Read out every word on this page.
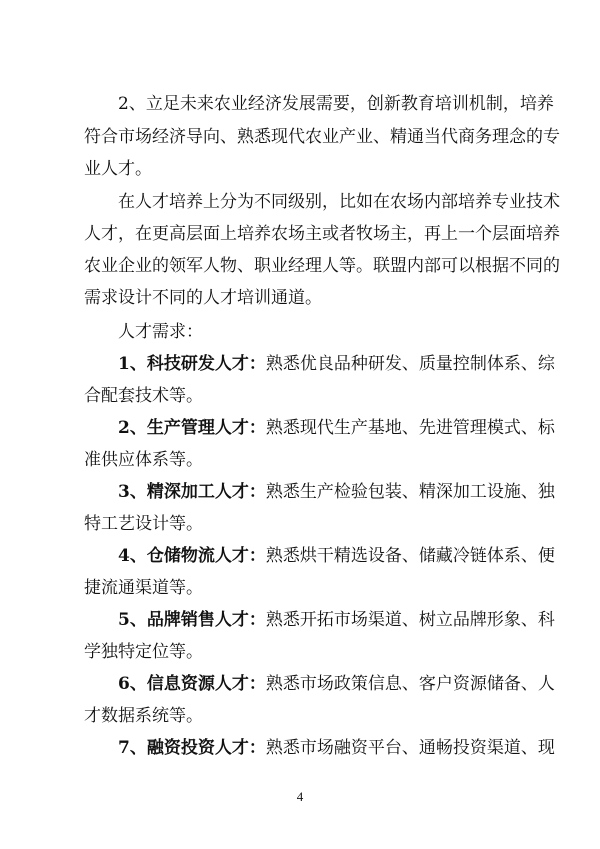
2、立足未来农业经济发展需要，创新教育培训机制，培养
符合市场经济导向、熟悉现代农业产业、精通当代商务理念的专
业人才。
在人才培养上分为不同级别，比如在农场内部培养专业技术
人才，在更高层面上培养农场主或者牧场主，再上一个层面培养
农业企业的领军人物、职业经理人等。联盟内部可以根据不同的
需求设计不同的人才培训通道。
人才需求：
1、科技研发人才：熟悉优良品种研发、质量控制体系、综
合配套技术等。
2、生产管理人才：熟悉现代生产基地、先进管理模式、标
准供应体系等。
3、精深加工人才：熟悉生产检验包装、精深加工设施、独
特工艺设计等。
4、仓储物流人才：熟悉烘干精选设备、储藏冷链体系、便
捷流通渠道等。
5、品牌销售人才：熟悉开拓市场渠道、树立品牌形象、科
学独特定位等。
6、信息资源人才：熟悉市场政策信息、客户资源储备、人
才数据系统等。
7、融资投资人才：熟悉市场融资平台、通畅投资渠道、现
4
